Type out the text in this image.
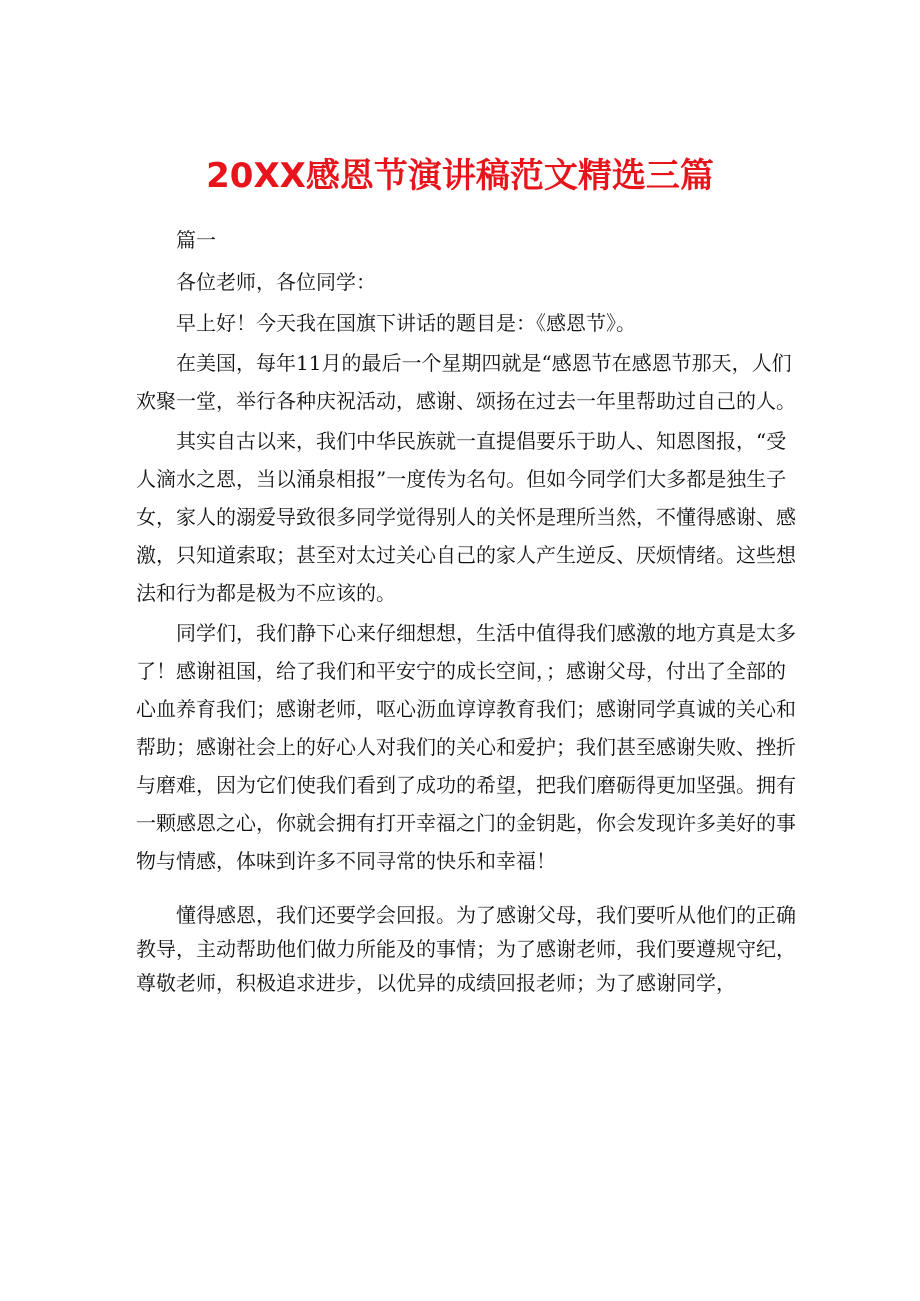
20XX感恩节演讲稿范文精选三篇

篇一

各位老师，各位同学：

早上好！今天我在国旗下讲话的题目是：《感恩节》。

在美国，每年11月的最后一个星期四就是“感恩节在感恩节那天，人们欢聚一堂，举行各种庆祝活动，感谢、颂扬在过去一年里帮助过自己的人。

其实自古以来，我们中华民族就一直提倡要乐于助人、知恩图报，“受人滴水之恩，当以涌泉相报”一度传为名句。但如今同学们大多都是独生子女，家人的溺爱导致很多同学觉得别人的关怀是理所当然，不懂得感谢、感激，只知道索取；甚至对太过关心自己的家人产生逆反、厌烦情绪。这些想法和行为都是极为不应该的。

同学们，我们静下心来仔细想想，生活中值得我们感激的地方真是太多了！感谢祖国，给了我们和平安宁的成长空间，；感谢父母，付出了全部的心血养育我们；感谢老师，呕心沥血谆谆教育我们；感谢同学真诚的关心和帮助；感谢社会上的好心人对我们的关心和爱护；我们甚至感谢失败、挫折与磨难，因为它们使我们看到了成功的希望，把我们磨砺得更加坚强。拥有一颗感恩之心，你就会拥有打开幸福之门的金钥匙，你会发现许多美好的事物与情感，体味到许多不同寻常的快乐和幸福！

懂得感恩，我们还要学会回报。为了感谢父母，我们要听从他们的正确教导，主动帮助他们做力所能及的事情；为了感谢老师，我们要遵规守纪，尊敬老师，积极追求进步，以优异的成绩回报老师；为了感谢同学，
